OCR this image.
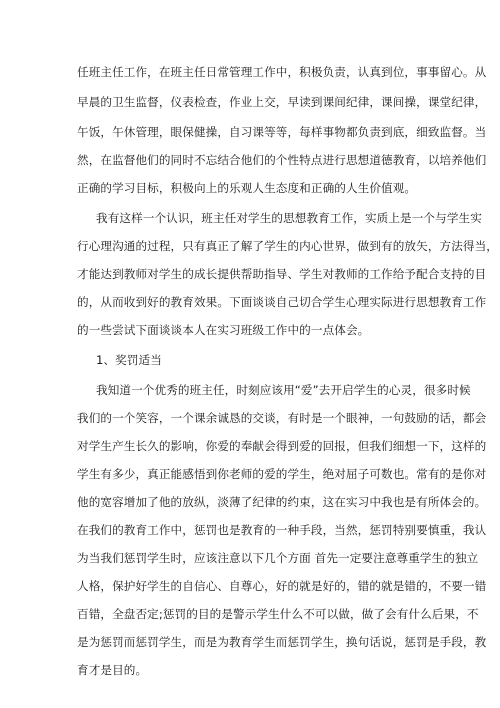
任班主任工作，在班主任日常管理工作中，积极负责，认真到位，事事留心。从
早晨的卫生监督，仪表检查，作业上交，早读到课间纪律，课间操，课堂纪律，
午饭，午休管理，眼保健操，自习课等等，每样事物都负责到底，细致监督。当
然，在监督他们的同时不忘结合他们的个性特点进行思想道德教育，以培养他们
正确的学习目标，积极向上的乐观人生态度和正确的人生价值观。
我有这样一个认识，班主任对学生的思想教育工作，实质上是一个与学生实
行心理沟通的过程，只有真正了解了学生的内心世界，做到有的放矢，方法得当，
才能达到教师对学生的成长提供帮助指导、学生对教师的工作给予配合支持的目
的，从而收到好的教育效果。下面谈谈自己切合学生心理实际进行思想教育工作
的一些尝试下面谈谈本人在实习班级工作中的一点体会。
1、奖罚适当
我知道一个优秀的班主任，时刻应该用“爱”去开启学生的心灵，很多时候
我们的一个笑容，一个课余诚恳的交谈，有时是一个眼神，一句鼓励的话，都会
对学生产生长久的影响，你爱的奉献会得到爱的回报，但我们细想一下，这样的
学生有多少，真正能感悟到你老师的爱的学生，绝对屈子可数也。常有的是你对
他的宽容增加了他的放纵，淡薄了纪律的约束，这在实习中我也是有所体会的。
在我们的教育工作中，惩罚也是教育的一种手段，当然，惩罚特别要慎重，我认
为当我们惩罚学生时，应该注意以下几个方面 首先一定要注意尊重学生的独立
人格，保护好学生的自信心、自尊心，好的就是好的，错的就是错的，不要一错
百错，全盘否定;惩罚的目的是警示学生什么不可以做，做了会有什么后果，不
是为惩罚而惩罚学生，而是为教育学生而惩罚学生，换句话说，惩罚是手段，教
育才是目的。
